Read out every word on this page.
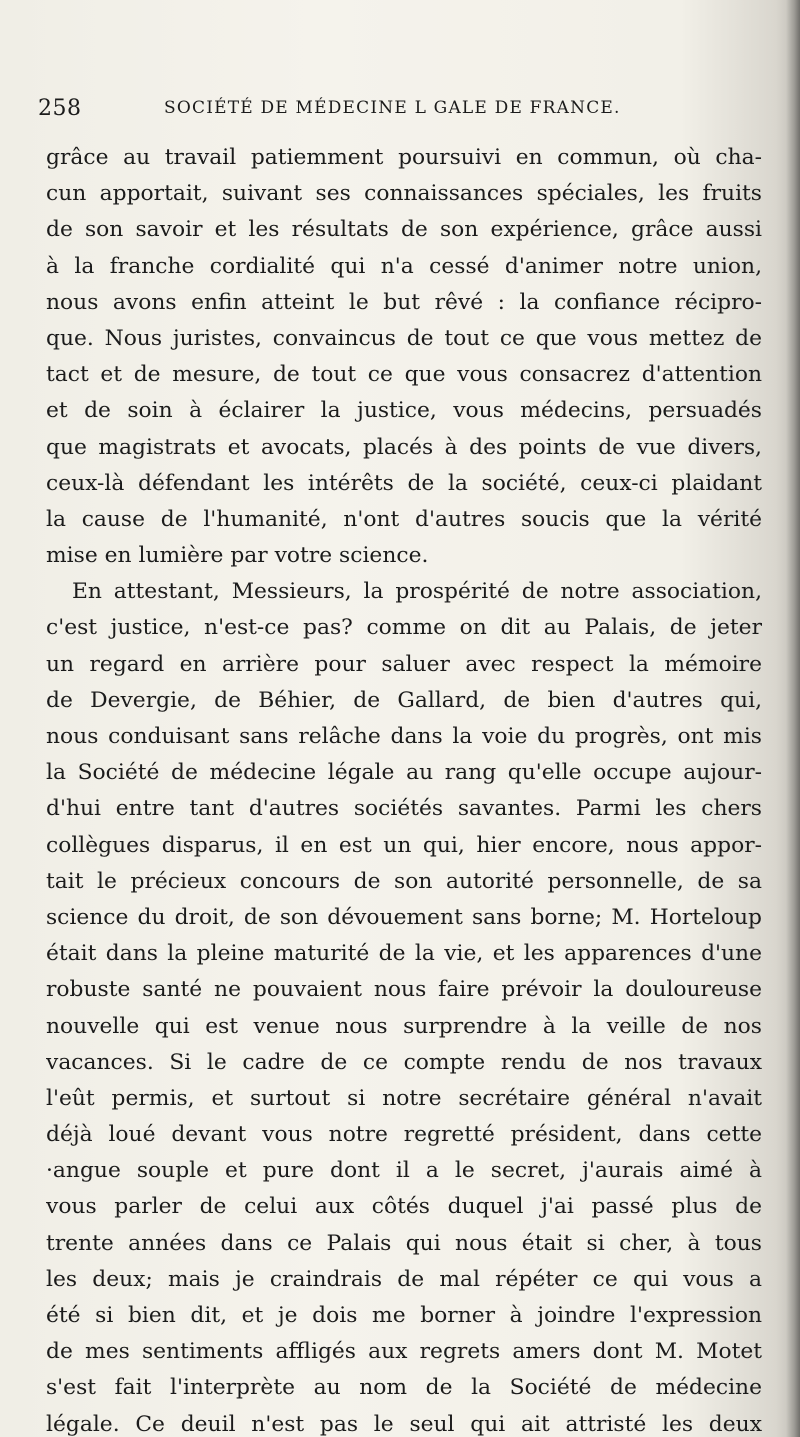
258	SOCIÉTÉ DE MÉDECINE L GALE DE FRANCE.
grâce au travail patiemment poursuivi en commun, où cha-
cun apportait, suivant ses connaissances spéciales, les fruits
de son savoir et les résultats de son expérience, grâce aussi
à la franche cordialité qui n'a cessé d'animer notre union,
nous avons enfin atteint le but rêvé : la confiance récipro-
que. Nous juristes, convaincus de tout ce que vous mettez de
tact et de mesure, de tout ce que vous consacrez d'attention
et de soin à éclairer la justice, vous médecins, persuadés
que magistrats et avocats, placés à des points de vue divers,
ceux-là défendant les intérêts de la société, ceux-ci plaidant
la cause de l'humanité, n'ont d'autres soucis que la vérité
mise en lumière par votre science.
En attestant, Messieurs, la prospérité de notre association,
c'est justice, n'est-ce pas? comme on dit au Palais, de jeter
un regard en arrière pour saluer avec respect la mémoire
de Devergie, de Béhier, de Gallard, de bien d'autres qui,
nous conduisant sans relâche dans la voie du progrès, ont mis
la Société de médecine légale au rang qu'elle occupe aujour-
d'hui entre tant d'autres sociétés savantes. Parmi les chers
collègues disparus, il en est un qui, hier encore, nous appor-
tait le précieux concours de son autorité personnelle, de sa
science du droit, de son dévouement sans borne; M. Horteloup
était dans la pleine maturité de la vie, et les apparences d'une
robuste santé ne pouvaient nous faire prévoir la douloureuse
nouvelle qui est venue nous surprendre à la veille de nos
vacances. Si le cadre de ce compte rendu de nos travaux
l'eût permis, et surtout si notre secrétaire général n'avait
déjà loué devant vous notre regretté président, dans cette
·angue souple et pure dont il a le secret, j'aurais aimé à
vous parler de celui aux côtés duquel j'ai passé plus de
trente années dans ce Palais qui nous était si cher, à tous
les deux; mais je craindrais de mal répéter ce qui vous a
été si bien dit, et je dois me borner à joindre l'expression
de mes sentiments affligés aux regrets amers dont M. Motet
s'est fait l'interprète au nom de la Société de médecine
légale. Ce deuil n'est pas le seul qui ait attristé les deux
